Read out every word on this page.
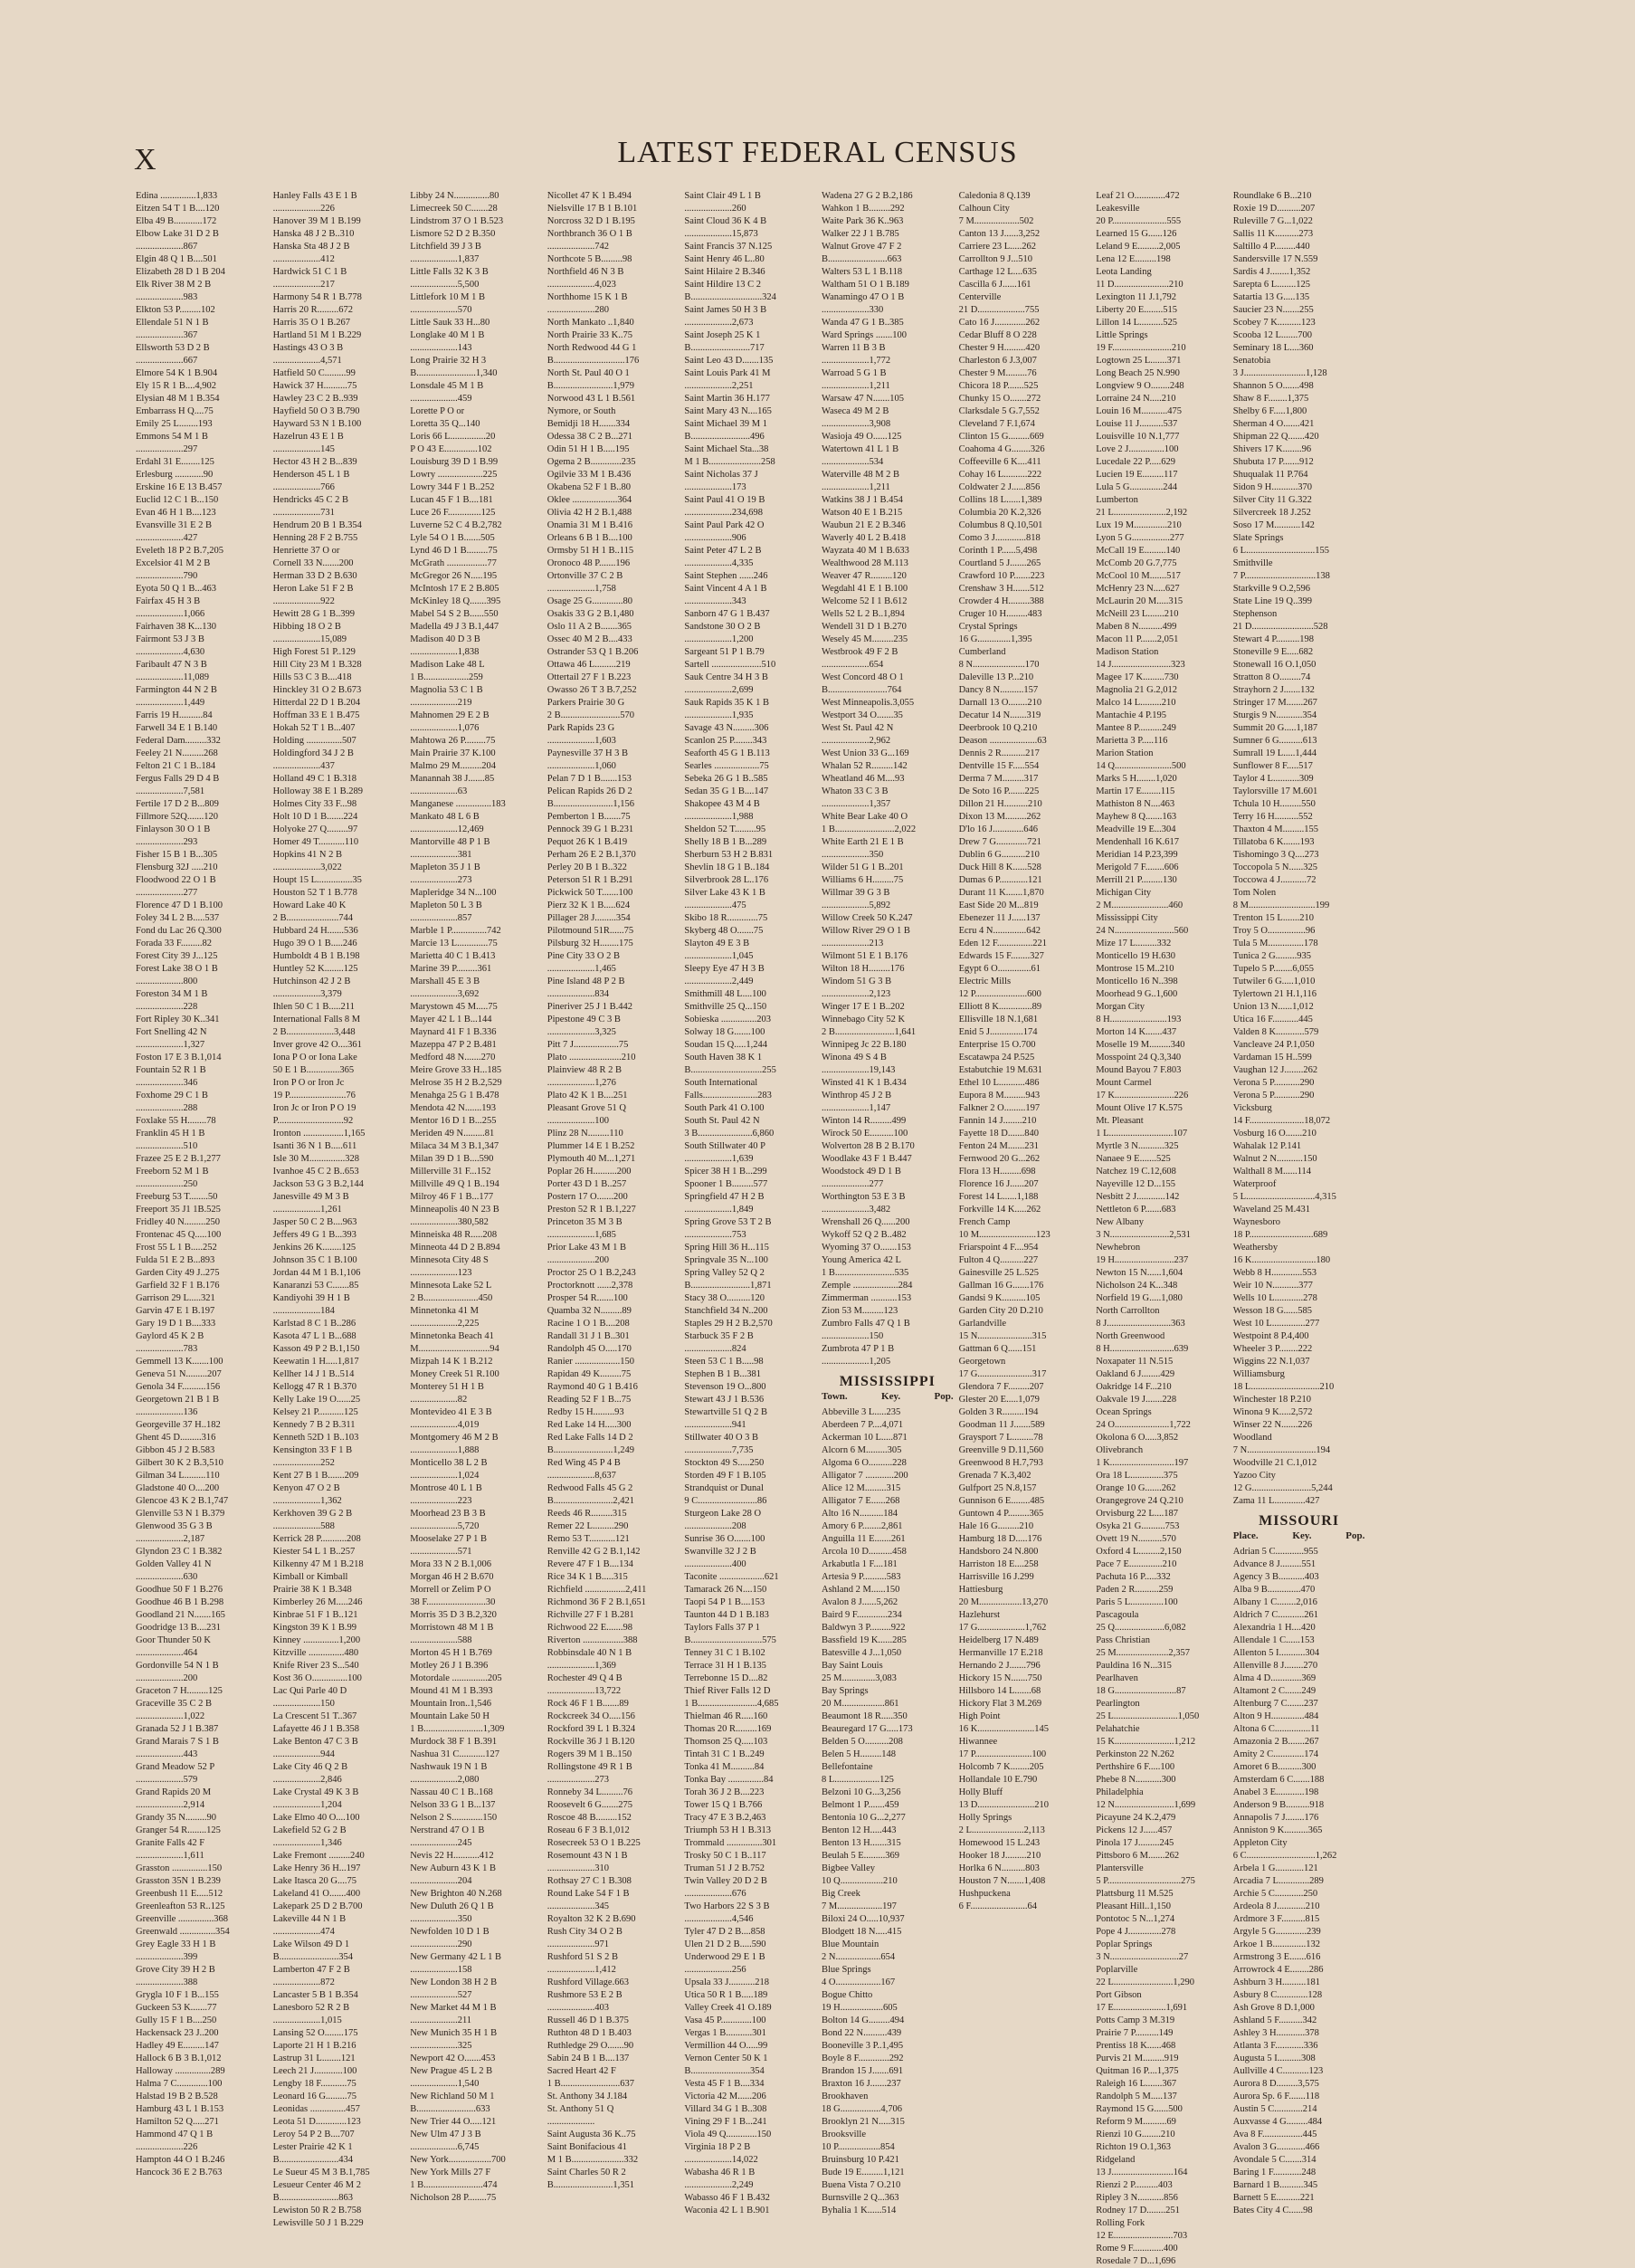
X	LATEST FEDERAL CENSUS
Edina ...............1,833
Eitzen 54 T 1 B....120
Elba 49 B............172
Elbow Lake 31 D 2 B
....................867
Elgin 48 Q 1 B....501
Elizabeth 28 D 1 B 204
Elk River 38 M 2 B
....................983
Elkton 53 P.........102
Ellendale 51 N 1 B
....................367
Ellsworth 53 D 2 B
....................667
Elmore 54 K 1 B.904
Ely 15 R 1 B....4,902
Elysian 48 M 1 B.354
Embarrass H Q....75
Emily 25 L........193
Emmons 54 M 1 B
....................297
Erdahl 31 E........125
Erlesburg ............90
Erskine 16 E 13 B.457
Euclid 12 C 1 B...150
Evan 46 H 1 B....123
Evansville 31 E 2 B
....................427
Eveleth 18 P 2 B.7,205
Excelsior 41 M 2 B
....................790
Eyota 50 Q 1 B...463
Fairfax 45 H 3 B
....................1,066
Fairhaven 38 K...130
Fairmont 53 J 3 B
....................4,630
Faribault 47 N 3 B
....................11,089
Farmington 44 N 2 B
....................1,449
Farris 19 H..........84
Farwell 34 E 1 B.140
Federal Dam.........332
Feeley 21 N.........268
Felton 21 C 1 B..184
Fergus Falls 29 D 4 B
....................7,581
Fertile 17 D 2 B...809
Fillmore 52Q.......120
Finlayson 30 O 1 B
....................293
Fisher 15 B 1 B...305
Flensburg 32J .....210
Floodwood 22 O 1 B
....................277
Florence 47 D 1 B.100
Foley 34 L 2 B.....537
Fond du Lac 26 Q.300
Forada 33 F.........82
Forest City 39 J...125
Forest Lake 38 O 1 B
....................800
Foreston 34 M 1 B
....................228
Fort Ripley 30 K..341
Fort Snelling 42 N
....................1,327
Foston 17 E 3 B.1,014
Fountain 52 R 1 B
....................346
Foxhome 29 C 1 B
....................288
Foxlake 55 H........78
Franklin 45 H 1 B
....................510
Frazee 25 E 2 B.1,277
Freeborn 52 M 1 B
....................250
Freeburg 53 T........50
Freeport 35 J1 1B.525
Fridley 40 N.........250
Frontenac 45 Q.....100
Frost 55 L 1 B.....252
Fulda 51 E 2 B...893
Garden City 49 J..275
Garfield 32 F 1 B.176
Garrison 29 L.....321
Garvin 47 E 1 B.197
Gary 19 D 1 B....333
Gaylord 45 K 2 B
....................783
Gemmell 13 K.......100
Geneva 51 N.........207
Genola 34 F..........156
Georgetown 21 B 1 B
....................136
Georgeville 37 H..182
Ghent 45 D.........316
Gibbon 45 J 2 B.583
Gilbert 30 K 2 B.3,510
Gilman 34 L.........110
Gladstone 40 O....200
Glencoe 43 K 2 B.1,747
Glenville 53 N 1 B.379
Glenwood 35 G 3 B
....................2,187
Glyndon 23 C 1 B.382
Golden Valley 41 N
....................630
Goodhue 50 F 1 B.276
Goodhue 46 B 1 B.298
Goodland 21 N.......165
Goodridge 13 B....231
Goor Thunder 50 K
....................464
Gordonville 54 N 1 B
....................200
Graceton 7 H.........125
Graceville 35 C 2 B
....................1,022
Granada 52 J 1 B.387
Grand Marais 7 S 1 B
....................443
Grand Meadow 52 P
....................579
Grand Rapids 20 M
....................2,914
Grandy 35 N.........90
Granger 54 R........125
Granite Falls 42 F
....................1,611
Grasston ...............150
Grasston 35N 1 B.239
Greenbush 11 E.....512
Greenleafton 53 R..125
Greenville ...............368
Greenwald ...............354
Grey Eagle 33 H 1 B
....................399
Grove City 39 H 2 B
....................388
Grygla 10 F 1 B...155
Guckeen 53 K.......77
Gully 15 F 1 B....250
Hackensack 23 J..200
Hadley 49 E.........147
Hallock 6 B 3 B.1,012
Halloway ...............289
Halma 7 C.............100
Halstad 19 B 2 B.528
Hamburg 43 L 1 B.153
Hamilton 52 Q.....271
Hammond 47 Q 1 B
....................226
Hampton 44 O 1 B.246
Hancock 36 E 2 B.763
Hanley Falls 43 E 1 B
....................226
Hanover 39 M 1 B.199
Hanska 48 J 2 B..310
Hanska Sta 48 J 2 B
....................412
Hardwick 51 C 1 B
....................217
Harmony 54 R 1 B.778
Harris 20 R.........672
Harris 35 O 1 B.267
Hartland 51 M 1 B.229
Hastings 43 O 3 B
....................4,571
Hatfield 50 C.........99
Hawick 37 H..........75
Hawley 23 C 2 B..939
Hayfield 50 O 3 B.790
Hayward 53 N 1 B.100
Hazelrun 43 E 1 B
....................145
Hector 43 H 2 B...839
Henderson 45 L 1 B
....................766
Hendricks 45 C 2 B
....................731
Hendrum 20 B 1 B.354
Henning 28 F 2 B.755
Henriette 37 O or
Cornell 33 N.......200
Herman 33 D 2 B.630
Heron Lake 51 F 2 B
....................922
Hewitt 28 G 1 B..399
Hibbing 18 O 2 B
....................15,089
High Forest 51 P..129
Hill City 23 M 1 B.328
Hills 53 C 3 B....418
Hinckley 31 O 2 B.673
Hitterdal 22 D 1 B.204
Hoffman 33 E 1 B.475
Hokah 52 T 1 B...407
Holding ...............507
Holdingford 34 J 2 B
....................437
Holland 49 C 1 B.318
Holloway 38 E 1 B.289
Holmes City 33 F...98
Holt 10 D 1 B.......224
Holyoke 27 Q.........97
Homer 49 T...........110
Hopkins 41 N 2 B
....................3,022
Houpt 15 L...............35
Houston 52 T 1 B.778
Howard Lake 40 K
2 B......................744
Hubbard 24 H.......536
Hugo 39 O 1 B.....246
Humboldt 4 B 1 B.198
Huntley 52 K........125
Hutchinson 42 J 2 B
....................3,379
Ihlen 50 C 1 B.....211
International Falls 8 M
2 B....................3,448
Inver grove 42 O....361
Iona P O or Iona Lake
50 E 1 B..............365
Iron P O or Iron Jc
19 P........................76
Iron Jc or Iron P O 19
P............................92
Ironton .................1,165
Isanti 36 N 1 B.....611
Isle 30 M...............328
Ivanhoe 45 C 2 B..653
Jackson 53 G 3 B.2,144
Janesville 49 M 3 B
....................1,261
Jasper 50 C 2 B....963
Jeffers 49 G 1 B...393
Jenkins 26 K........125
Johnson 35 C 1 B.100
Jordan 44 M 1 B.1,106
Kanaranzi 53 C.......85
Kandiyohi 39 H 1 B
....................184
Karlstad 8 C 1 B..286
Kasota 47 L 1 B...688
Kasson 49 P 2 B.1,150
Keewatin 1 H.....1,817
Kellher 14 J 1 B..514
Kellogg 47 R 1 B.370
Kelly Lake 19 O......25
Kelsey 21 P...........125
Kennedy 7 B 2 B.311
Kenneth 52D 1 B..103
Kensington 33 F 1 B
....................252
Kent 27 B 1 B.......209
Kenyon 47 O 2 B
....................1,362
Kerkhoven 39 G 2 B
....................588
Kerrick 28 P...........208
Kiester 54 L 1 B..257
Kilkenny 47 M 1 B.218
Kimball or Kimball
Prairie 38 K 1 B.348
Kimberley 26 M.....246
Kinbrae 51 F 1 B..121
Kingston 39 K 1 B.99
Kinney ...............1,200
Kitzville ...............480
Knife River 23 S...540
Kost 36 O...............100
Lac Qui Parle 40 D
....................150
La Crescent 51 T..367
Lafayette 46 J 1 B.358
Lake Benton 47 C 3 B
....................944
Lake City 46 Q 2 B
....................2,846
Lake Crystal 49 K 3 B
....................1,204
Lake Elmo 40 O....100
Lakefield 52 G 2 B
....................1,346
Lake Fremont .........240
Lake Henry 36 H...197
Lake Itasca 20 G....75
Lakeland 41 O.......400
Lakepark 25 D 2 B.700
Lakeville 44 N 1 B
....................474
Lake Wilson 49 D 1
B.........................354
Lamberton 47 F 2 B
....................872
Lancaster 5 B 1 B.354
Lanesboro 52 R 2 B
....................1,015
Lansing 52 O........175
Laporte 21 H 1 B.216
Lastrup 31 L........121
Leech 21 J............100
Lengby 18 F...........75
Leonard 16 G.........75
Leonidas ...............457
Leota 51 D.............123
Leroy 54 P 2 B....707
Lester Prairie 42 K 1
B.........................434
Le Sueur 45 M 3 B.1,785
Lesueur Center 46 M 2
B.........................863
Lewiston 50 R 2 B.758
Lewisville 50 J 1 B.229
Libby 24 N...............80
Limecreek 50 C.......28
Lindstrom 37 O 1 B.523
Lismore 52 D 2 B.350
Litchfield 39 J 3 B
....................1,837
Little Falls 32 K 3 B
....................5,500
Littlefork 10 M 1 B
....................570
Little Sauk 33 H...80
Longlake 40 M 1 B
....................143
Long Prairie 32 H 3
B.........................1,340
Lonsdale 45 M 1 B
....................459
Lorette P O or
Loretta 35 Q...140
Loris 66 L...............20
P O 43 E..............102
Louisburg 39 D 1 B.99
Lowry ...................225
Lowry 344 F 1 B..252
Lucan 45 F 1 B....181
Luce 26 F..............125
Luverne 52 C 4 B.2,782
Lyle 54 O 1 B.......505
Lynd 46 D 1 B.........75
McGrath .................77
McGregor 26 N.....195
McIntosh 17 E 2 B.805
McKinley 18 Q.......395
Mabel 54 S 2 B......550
Madella 49 J 3 B.1,447
Madison 40 D 3 B
....................1,838
Madison Lake 48 L
1 B...................259
Magnolia 53 C 1 B
....................219
Mahnomen 29 E 2 B
....................1,076
Mahtowa 26 P.........75
Main Prairie 37 K.100
Malmo 29 M.........204
Manannah 38 J.......85
....................63
Manganese ...............183
Mankato 48 L 6 B
....................12,469
Mantorville 48 P 1 B
....................381
Mapleton 35 J 1 B
....................273
Mapleridge 34 N...100
Mapleton 50 L 3 B
....................857
Marble 1 P...............742
Marcie 13 L.............75
Marietta 40 C 1 B.413
Marine 39 P.........361
Marshall 45 E 3 B
....................3,692
Marystown 45 M.....75
Mayer 42 L 1 B...144
Maynard 41 F 1 B.336
Mazeppa 47 P 2 B.481
Medford 48 N.......270
Meire Grove 33 H...185
Melrose 35 H 2 B.2,529
Menahga 25 G 1 B.478
Mendota 42 N.......193
Mentor 16 D 1 B...255
Meriden 49 N.........81
Milaca 34 M 3 B.1,347
Milan 39 D 1 B....590
Millerville 31 F...152
Millville 49 Q 1 B..194
Milroy 46 F 1 B...177
Minneapolis 40 N 23 B
....................380,582
Minneiska 48 R.....208
Minneota 44 D 2 B.894
Minnesota City 48 S
....................123
Minnesota Lake 52 L
2 B.......................450
Minnetonka 41 M
....................2,225
Minnetonka Beach 41
M..............................94
Mizpah 14 K 1 B.212
Money Creek 51 R.100
Monterey 51 H 1 B
....................82
Montevideo 41 E 3 B
....................4,019
Montgomery 46 M 2 B
....................1,888
Monticello 38 L 2 B
....................1,024
Montrose 40 L 1 B
....................223
Moorhead 23 B 3 B
....................5,720
Mooselake 27 P 1 B
....................571
Mora 33 N 2 B.1,006
Morgan 46 H 2 B.670
Morrell or Zelim P O
38 F.........................30
Morris 35 D 3 B.2,320
Morristown 48 M 1 B
....................588
Morton 45 H 1 B.769
Motley 26 J 1 B.396
Motordale ...............205
Mound 41 M 1 B.393
Mountain Iron..1,546
Mountain Lake 50 H
1 B.........................1,309
Murdock 38 F 1 B.391
Nashua 31 C...........127
Nashwauk 19 N 1 B
....................2,080
Nassau 40 C 1 B..168
Nelson 33 G 1 B...137
Nelson 2 S.............150
Nerstrand 47 O 1 B
....................245
Nevis 22 H...........412
New Auburn 43 K 1 B
....................204
New Brighton 40 N.268
New Duluth 26 Q 1 B
....................350
Newfolden 10 D 1 B
....................290
New Germany 42 L 1 B
....................158
New London 38 H 2 B
....................527
New Market 44 M 1 B
....................211
New Munich 35 H 1 B
....................325
Newport 42 O.......453
New Prague 45 L 2 B
....................1,540
New Richland 50 M 1
B.........................633
New Trier 44 O.....121
New Ulm 47 J 3 B
....................6,745
New York..................700
New York Mills 27 F
1 B.........................474
Nicholson 28 P........75
Nicollet 47 K 1 B.494
Nielsville 17 B 1 B.101
Norcross 32 D 1 B.195
Northbranch 36 O 1 B
....................742
Northcote 5 B.........98
Northfield 46 N 3 B
....................4,023
Northhome 15 K 1 B
....................280
North Mankato ..1,840
North Prairie 33 K..75
North Redwood 44 G 1
B..............................176
North St. Paul 40 O 1
B.........................1,979
Norwood 43 L 1 B.561
Nymore, or South
Bemidji 18 H.......334
Odessa 38 C 2 B...271
Odin 51 H 1 B.....195
Ogema 2 B.............235
Ogilvie 33 M 1 B.436
Okabena 52 F 1 B..80
Oklee ...................364
Olivia 42 H 2 B.1,488
Onamia 31 M 1 B.416
Orleans 6 B 1 B....100
Ormsby 51 H 1 B..115
Oronoco 48 P.......196
Ortonville 37 C 2 B
....................1,758
Osage 25 G.............80
Osakis 33 G 2 B.1,480
Oslo 11 A 2 B.......365
Ossec 40 M 2 B....433
Ostrander 53 Q 1 B.206
Ottawa 46 L.........219
Ottertail 27 F 1 B.223
Owasso 26 T 3 B.7,252
Parkers Prairie 30 G
2 B.........................570
Park Rapids 23 G
....................1,603
Paynesville 37 H 3 B
....................1,060
Pelan 7 D 1 B.......153
Pelican Rapids 26 D 2
B.........................1,156
Pemberton 1 B.......75
Pennock 39 G 1 B.231
Pequot 26 K 1 B.419
Perham 26 E 2 B.1,370
Perley 20 B 1 B..322
Peterson 51 R 1 B.291
Pickwick 50 T.......100
Pierz 32 K 1 B.....624
Pillager 28 J.........354
Pilotmound 51R......75
Pilsburg 32 H........175
Pine City 33 O 2 B
....................1,465
Pine Island 48 P 2 B
....................834
Pineriver 25 J 1 B.442
Pipestone 49 C 3 B
....................3,325
Pitt 7 J...................75
Plato ......................210
Plainview 48 R 2 B
....................1,276
Plato 42 K 1 B....251
Pleasant Grove 51 Q
....................100
Plinz 28 N.........110
Plummer 14 E 1 B.252
Plymouth 40 M...1,271
Poplar 26 H..........200
Porter 43 D 1 B..257
Postern 17 O.......200
Preston 52 R 1 B.1,227
Princeton 35 M 3 B
....................1,685
Prior Lake 43 M 1 B
....................200
Proctor 25 O 1 B.2,243
Proctorknott ......2,378
Prosper 54 R.......100
Quamba 32 N.........89
Racine 1 O 1 B....208
Randall 31 J 1 B..301
Randolph 45 O.....170
Ranier ...................150
Rapidan 49 K.........75
Raymond 40 G 1 B.416
Reading 52 F 1 B...75
Redby 15 H.........93
Red Lake 14 H.....300
Red Lake Falls 14 D 2
B.........................1,249
Red Wing 45 P 4 B
....................8,637
Redwood Falls 45 G 2
B.........................2,421
Reeds 46 R.........315
Remer 22 L.........290
Remo 53 T...........121
Renville 42 G 2 B.1,142
Revere 47 F 1 B....134
Rice 34 K 1 B.....315
Richfield .................2,411
Richmond 36 F 2 B.1,651
Richville 27 F 1 B.281
Richwood 22 E.......98
Riverton .................388
Robbinsdale 40 N 1 B
....................1,369
Rochester 49 Q 4 B
....................13,722
Rock 46 F 1 B.......89
Rockcreek 34 O.....156
Rockford 39 L 1 B.324
Rockville 36 J 1 B.120
Rogers 39 M 1 B..150
Rollingstone 49 R 1 B
....................273
Ronneby 34 L.........76
Roosevelt 6 G.......275
Roscoe 48 B.........152
Roseau 6 F 3 B.1,012
Rosecreek 53 O 1 B.225
Rosemount 43 N 1 B
....................310
Rothsay 27 C 1 B.308
Round Lake 54 F 1 B
....................345
Royalton 32 K 2 B.690
Rush City 34 O 2 B
....................971
Rushford 51 S 2 B
....................1,412
Rushford Village.663
Rushmore 53 E 2 B
....................403
Russell 46 D 1 B.375
Ruthton 48 D 1 B.403
Ruthledge 29 O.......90
Sabin 24 B 1 B....137
Sacred Heart 42 F
1 B.........................637
St. Anthony 34 J.184
St. Anthony 51 Q
....................
Saint Augusta 36 K..75
Saint Bonifacious 41
M 1 B......................332
Saint Charles 50 R 2
B.........................1,351
Saint Clair 49 L 1 B
....................260
Saint Cloud 36 K 4 B
....................15,873
Saint Francis 37 N.125
Saint Henry 46 L..80
Saint Hilaire 2 B.346
Saint Hildire 13 C 2
B..............................324
Saint James 50 H 3 B
....................2,673
Saint Joseph 25 K 1
B.........................717
Saint Leo 43 D.......135
Saint Louis Park 41 M
....................2,251
Saint Martin 36 H.177
Saint Mary 43 N....165
Saint Michael 39 M 1
B.........................496
Saint Michael Sta...38
M 1 B......................258
Saint Nicholas 37 J
....................173
Saint Paul 41 O 19 B
....................234,698
Saint Paul Park 42 O
....................906
Saint Peter 47 L 2 B
....................4,335
Saint Stephen ......246
Saint Vincent 4 A 1 B
....................343
Sanborn 47 G 1 B.437
Sandstone 30 O 2 B
....................1,200
Sargeant 51 P 1 B.79
Sartell .....................510
Sauk Centre 34 H 3 B
....................2,699
Sauk Rapids 35 K 1 B
....................1,935
Savage 43 N.........306
Scanlon 25 P........343
Seaforth 45 G 1 B.113
Searles ...................75
Sebeka 26 G 1 B..585
Sedan 35 G 1 B....147
Shakopee 43 M 4 B
....................1,988
Sheldon 52 T.........95
Shelly 18 B 1 B...289
Sherburn 53 H 2 B.831
Shevlin 18 G 1 B..184
Silverbrook 28 L..176
Silver Lake 43 K 1 B
....................475
Skibo 18 R.............75
Skyberg 48 O.......75
Slayton 49 E 3 B
....................1,045
Sleepy Eye 47 H 3 B
....................2,449
Smithmill 48 L....100
Smithville 25 Q...150
Sobieska ...............203
Solway 18 G.......100
Soudan 15 Q.....1,244
South Haven 38 K 1
B..............................255
South International
Falls.......................283
South Park 41 O.100
South St. Paul 42 N
3 B.......................6,860
South Stillwater 40 P
....................1,639
Spicer 38 H 1 B...299
Spooner 1 B.........577
Springfield 47 H 2 B
....................1,849
Spring Grove 53 T 2 B
....................753
Spring Hill 36 H...115
Springvale 35 N...100
Spring Valley 52 Q 2
B.........................1,871
Stacy 38 O..........120
Stanchfield 34 N..200
Staples 29 H 2 B.2,570
Starbuck 35 F 2 B
....................824
Steen 53 C 1 B.....98
Stephen B 1 B...381
Stevenson 19 O...800
Stewart 43 J 1 B.536
Stewartville 51 Q 2 B
....................941
Stillwater 40 O 3 B
....................7,735
Stockton 49 S.....250
Storden 49 F 1 B.105
Strandquist or Dunal
9 C.........................86
Sturgeon Lake 28 O
....................208
Sunrise 36 O.......100
Swanville 32 J 2 B
....................400
Taconite ...................621
Tamarack 26 N....150
Taopi 54 P 1 B....153
Taunton 44 D 1 B.183
Taylors Falls 37 P 1
B..............................575
Tenney 31 C 1 B.102
Terrace 31 H 1 B.135
Terrebonne 15 D....82
Thief River Falls 12 D
1 B.........................4,685
Thielman 46 R.....160
Thomas 20 R.........169
Thomson 25 Q.....103
Tintah 31 C 1 B..249
Tonka 41 M..........84
Tonka Bay ...............84
Torah 36 J 2 B....223
Tower 15 Q 1 B.766
Tracy 47 E 3 B.2,463
Triumph 53 H 1 B.313
Trommald ...............301
Trosky 50 C 1 B..117
Truman 51 J 2 B.752
Twin Valley 20 D 2 B
....................676
Two Harbors 22 S 3 B
....................4,546
Tyler 47 D 2 B....858
Ulen 21 D 2 B.....590
Underwood 29 E 1 B
....................256
Upsala 33 J...........218
Utica 50 R 1 B.....189
Valley Creek 41 O.189
Vasa 45 P.............100
Vergas 1 B...........301
Vermillion 44 O.....99
Vernon Center 50 K 1
B.........................354
Vesta 45 F 1 B....334
Victoria 42 M......206
Villard 34 G 1 B..308
Vining 29 F 1 B...241
Viola 49 Q.............150
Virginia 18 P 2 B
....................14,022
Wabasha 46 R 1 B
....................2,249
Wabasso 46 F 1 B.432
Waconia 42 L 1 B.901
Wadena 27 G 2 B.2,186
Wahkon 1 B.........292
Waite Park 36 K..963
Walker 22 J 1 B.785
Walnut Grove 47 F 2
B.........................663
Walters 53 L 1 B.118
Waltham 51 O 1 B.189
Wanamingo 47 O 1 B
....................330
Wanda 47 G 1 B..385
Ward Springs .......100
Warren 11 B 3 B
....................1,772
Warroad 5 G 1 B
....................1,211
Warsaw 47 N.......105
Waseca 49 M 2 B
....................3,908
Wasioja 49 O......125
Watertown 41 L 1 B
....................534
Waterville 48 M 2 B
....................1,211
Watkins 38 J 1 B.454
Watson 40 E 1 B.215
Waubun 21 E 2 B.346
Waverly 40 L 2 B.418
Wayzata 40 M 1 B.633
Wealthwood 28 M.113
Weaver 47 R.........120
Wegdahl 41 E 1 B.100
Welcome 52 I 1 B.612
Wells 52 L 2 B..1,894
Wendell 31 D 1 B.270
Wesely 45 M.........235
Westbrook 49 F 2 B
....................654
West Concord 48 O 1
B.........................764
West Minneapolis.3,055
Westport 34 O.......35
West St. Paul 42 N
....................2,962
West Union 33 G...169
Whalan 52 R.........142
Wheatland 46 M....93
Whaton 33 C 3 B
....................1,357
White Bear Lake 40 O
1 B.........................2,022
White Earth 21 E 1 B
....................350
Wilder 51 G 1 B..201
Williams 6 H.........75
Willmar 39 G 3 B
....................5,892
Willow Creek 50 K.247
Willow River 29 O 1 B
....................213
Wilmont 51 E 1 B.176
Wilton 18 H.........176
Windom 51 G 3 B
....................2,123
Winger 17 E 1 B..202
Winnebago City 52 K
2 B.........................1,641
Winnipeg Jc 22 B.180
Winona 49 S 4 B
....................19,143
Winsted 41 K 1 B.434
Winthrop 45 J 2 B
....................1,147
Winton 14 R.........499
Wirock 50 E..........100
Wolverton 28 B 2 B.170
Woodlake 43 F 1 B.447
Woodstock 49 D 1 B
....................277
Worthington 53 E 3 B
....................3,482
Wrenshall 26 Q......200
Wykoff 52 Q 2 B..482
Wyoming 37 O.......153
Young America 42 L
1 B.........................535
Zemple ...................284
Zimmerman ...........153
Zion 53 M.........123
Zumbro Falls 47 Q 1 B
....................150
Zumbrota 47 P 1 B
....................1,205
MISSISSIPPI
Town.	Key.	Pop.
Abbeville 3 L.....235
Aberdeen 7 P....4,071
Ackerman 10 L.....871
Alcorn 6 M.........305
Algoma 6 O..........228
Alligator 7 ............200
Alice 12 M.........315
Alligator 7 E......268
Alto 16 N..........184
Amory 6 P........2,861
Anguilla 11 E.......261
Arcola 10 D..........458
Arkabutla 1 F....181
Artesia 9 P..........583
Ashland 2 M......150
Avalon 8 J......5,262
Baird 9 F.............234
Baldwyn 3 P.........922
Bassfield 19 K......285
Batesville 4 J...1,050
Bay Saint Louis
25 M..............3,083
Bay Springs
20 M..................861
Beaumont 18 R.....350
Beauregard 17 G.....173
Belden 5 O..........208
Belen 5 H.........148
Bellefontaine
8 L...................125
Belzoni 10 G...3,256
Belmont 1 P.......459
Bentonia 10 G...2,277
Benton 12 H.....443
Benton 13 H.......315
Beulah 5 E.........369
Bigbee Valley
10 Q..................210
Big Creek
7 M...................197
Biloxi 24 O.....10,937
Blodgett 18 N.....415
Blue Mountain
2 N...................654
Blue Springs
4 O...................167
Bogue Chitto
19 H..................605
Bolton 14 G.........494
Bond 22 N..........439
Booneville 3 P..1,495
Boyle 8 F.............292
Brandon 15 J.......691
Braxton 16 J.......237
Brookhaven
18 G.................4,706
Brooklyn 21 N.....315
Brooksville
10 P..................854
Bruinsburg 10 P.421
Bude 19 E.........1,121
Buena Vista 7 O.210
Burnsville 2 Q...363
Byhalia 1 K......514
Caledonia 8 Q.139
Calhoun City
7 M...................502
Canton 13 J......3,252
Carriere 23 L.....262
Carrollton 9 J...510
Carthage 12 L....635
Cascilla 6 J......161
Centerville
21 D....................755
Cato 16 J.............262
Cedar Bluff 8 O 228
Chester 9 H.........420
Charleston 6 J.3,007
Chester 9 M.........76
Chicora 18 P.......525
Chunky 15 O.......272
Clarksdale 5 G.7,552
Cleveland 7 F.1,674
Clinton 15 G.........669
Coahoma 4 G........326
Coffeeville 6 K....411
Cohay 16 L..........222
Coldwater 2 J......856
Collins 18 L......1,389
Columbia 20 K.2,326
Columbus 8 Q.10,501
Como 3 J.............818
Corinth 1 P......5,498
Courtland 5 J.......265
Crawford 10 P.......223
Crenshaw 3 H.......512
Crowder 4 H.........388
Cruger 10 H.........483
Crystal Springs
16 G..............1,395
Cumberland
8 N......................170
Daleville 13 P...210
Dancy 8 N..........157
Darnall 13 O........210
Decatur 14 N.......319
Deerbrook 10 Q.210
Deason ....................63
Dennis 2 R..........217
Dentville 15 F.....554
Derma 7 M.........317
De Soto 16 P.......225
Dillon 21 H..........210
Dixon 13 M.........262
D'lo 16 J.............646
Drew 7 G.............721
Dublin 6 G..........210
Duck Hill 8 K......528
Dumas 6 P............121
Durant 11 K.......1,870
East Side 20 M...819
Ebenezer 11 J......137
Ecru 4 N..............642
Eden 12 F...............221
Edwards 15 F........327
Egypt 6 O..............61
Electric Mills
12 P......................600
Elliott 8 K..............89
Ellisville 18 N.1,681
Enid 5 J..............174
Enterprise 15 O.700
Escatawpa 24 P.525
Estabutchie 19 M.631
Ethel 10 L...........486
Eupora 8 M.........943
Falkner 2 O.........197
Fannin 14 J........210
Fayette 18 D.......840
Fenton 24 M.......231
Fernwood 20 G...262
Flora 13 H.........698
Florence 16 J......207
Forest 14 L......1,188
Forkville 14 K.....262
French Camp
10 M........................123
Friarspoint 4 F....954
Fulton 4 Q..........227
Gainesville 25 L.525
Gallman 16 G.......176
Gandsi 9 K..........105
Garden City 20 D.210
Garlandville
15 N.......................315
Gattman 6 Q......151
Georgetown
17 G.......................317
Glendora 7 F.........207
Glester 20 E.....1,079
Golden 3 R.........194
Goodman 11 J.......589
Graysport 7 L.........78
Greenville 9 D.11,560
Greenwood 8 H.7,793
Grenada 7 K.3,402
Gulfport 25 N.8,157
Gunnison 6 E........485
Guntown 4 P.........365
Hale 16 G.........210
Hamburg 18 D.....176
Handsboro 24 N.800
Harriston 18 E....258
Harrisville 16 J.299
Hattiesburg
20 M..................13,270
Hazlehurst
17 G....................1,762
Heidelberg 17 N.489
Hermanville 17 E.218
Hernando 2 J.......796
Hickory 15 N.......750
Hillsboro 14 L.......68
Hickory Flat 3 M.269
High Point
16 K........................145
Hiwannee
17 P........................100
Holcomb 7 K........205
Hollandale 10 E.790
Holly Bluff
13 D........................210
Holly Springs
2 L......................2,113
Homewood 15 L.243
Hooker 18 J.........210
Horlka 6 N..........803
Houston 7 N.......1,408
Hushpuckena
6 F........................64
Leaf 21 O.............472
Leakesville
20 P.......................555
Learned 15 G......126
Leland 9 E.........2,005
Lena 12 E.........198
Leota Landing
11 D.......................210
Lexington 11 J.1,792
Liberty 20 E........515
Lillon 14 L..........525
Little Springs
19 F.........................210
Logtown 25 L.......371
Long Beach 25 N.990
Longview 9 O........248
Lorraine 24 N.....210
Louin 16 M...........475
Louise 11 J..........537
Louisville 10 N.1,777
Love 2 J...............100
Lucedale 22 P.....629
Lucien 19 E.........117
Lula 5 G..............244
Lumberton
21 L......................2,192
Lux 19 M..............210
Lyon 5 G................277
McCall 19 E.........140
McComb 20 G.7,775
McCool 10 M.......517
McHenry 23 N.....627
McLaurin 20 M.....315
McNeill 23 L.......210
Maben 8 N..........499
Macon 11 P.......2,051
Madison Station
14 J.........................323
Magee 17 K.........730
Magnolia 21 G.2,012
Malco 14 L.........210
Mantachie 4 P.195
Mantee 8 P..........249
Marietta 3 P.....116
Marion Station
14 Q........................500
Marks 5 H........1,020
Martin 17 E........115
Mathiston 8 N....463
Mayhew 8 Q.......163
Meadville 19 E...304
Mendenhall 16 K.617
Meridian 14 P.23,399
Merigold 7 F........606
Merrill 21 P.........130
Michigan City
2 M........................460
Mississippi City
24 N.........................560
Mize 17 L.........332
Monticello 19 H.630
Montrose 15 M..210
Monticello 16 N..398
Moorhead 9 G..1,600
Morgan City
8 H........................193
Morton 14 K.......437
Moselle 19 M.........340
Mosspoint 24 Q.3,340
Mound Bayou 7 F.803
Mount Carmel
17 K.........................226
Mount Olive 17 K.575
Mt. Pleasant
1 L...........................107
Myrtle 3 N...........325
Nanaee 9 E.......525
Natchez 19 C.12,608
Nayeville 12 D...155
Nesbitt 2 J............142
Nettleton 6 P.......683
New Albany
3 N.........................2,531
Newhebron
19 H.........................237
Newton 15 N......1,604
Nicholson 24 K...348
Norfield 19 G.....1,080
North Carrollton
8 J...........................363
North Greenwood
8 H...........................639
Noxapater 11 N.515
Oakland 6 J........429
Oakridge 14 F...210
Oakvale 19 J.......228
Ocean Springs
24 O.......................1,722
Okolona 6 O.....3,852
Olivebranch
1 K...........................197
Ora 18 L..............375
Orange 10 G.......262
Orangegrove 24 Q.210
Orvisburg 22 L....187
Osyka 21 G..........753
Ovett 19 N..........570
Oxford 4 L.........2,150
Pace 7 E..............210
Pachuta 16 P.....332
Paden 2 R..........259
Paris 5 L..............100
Pascagoula
25 Q.....................6,082
Pass Christian
25 M......................2,357
Pauldina 16 N...315
Pearlhaven
18 G..........................87
Pearlington
25 L...........................1,050
Pelahatchie
15 K.........................1,212
Perkinston 22 N.262
Perthshire 6 F.....100
Phebe 8 N...........300
Philadelphia
12 N.........................1,699
Picayune 24 K.2,479
Pickens 12 J......457
Pinola 17 J.........245
Pittsboro 6 M.......262
Plantersville
5 P...............................275
Plattsburg 11 M.525
Pleasant Hill..1,150
Pontotoc 5 N...1,274
Pope 4 J..............278
Poplar Springs
3 N.............................27
Poplarville
22 L.........................1,290
Port Gibson
17 E......................1,691
Potts Camp 3 M.319
Prairie 7 P..........149
Prentiss 18 K......468
Purvis 21 M.........919
Quitman 16 P....1,375
Raleigh 16 L.......367
Randolph 5 M.....137
Raymond 15 G......500
Reform 9 M..........69
Rienzi 10 G........210
Richton 19 O.1,363
Ridgeland
13 J..........................164
Rienzi 2 P..........403
Ripley 3 N...........856
Rodney 17 D........251
Rolling Fork
12 E.........................703
Rome 9 F.............400
Rosedale 7 D...1,696
Roundlake 6 B...210
Roxie 19 D..........207
Ruleville 7 G...1,022
Sallis 11 K..........273
Saltillo 4 P.........440
Sandersville 17 N.559
Sardis 4 J........1,352
Sarepta 6 L........125
Satartia 13 G.....135
Saucier 23 N.......255
Scobey 7 K..........123
Scooba 12 L.......700
Seminary 18 L....360
Senatobia
3 J..........................1,128
Shannon 5 O.......498
Shaw 8 F........1,375
Shelby 6 F.....1,800
Sherman 4 O.......421
Shipman 22 Q.......420
Shivers 17 K........96
Shubuta 17 P.......912
Shuqualak 11 P.764
Sidon 9 H...........370
Silver City 11 G.322
Silvercreek 18 J.252
Soso 17 M...........142
Slate Springs
6 L.............................155
Smithville
7 P..............................138
Starkville 9 O.2,596
State Line 19 Q..399
Stephenson
21 D..........................528
Stewart 4 P..........198
Stoneville 9 E.....682
Stonewall 16 O.1,050
Stratton 8 O.........74
Strayhorn 2 J.......132
Stringer 17 M.......267
Sturgis 9 N...........354
Summit 20 G.....1,187
Sumner 6 G..........613
Sumrall 19 L.....1,444
Sunflower 8 F.....517
Taylor 4 L...........309
Taylorsville 17 M.601
Tchula 10 H.........550
Terry 16 H..........552
Thaxton 4 M.........155
Tillatoba 6 K.......193
Tishomingo 3 Q....273
Toccopola 5 N......325
Toccowa 4 J...........72
Tom Nolen
8 M............................199
Trenton 15 L.......210
Troy 5 O................96
Tula 5 M...............178
Tunica 2 G.........935
Tupelo 5 P........6,055
Tutwiler 6 G.....1,010
Tylertown 21 H.1,116
Union 13 N......1,012
Utica 16 F...........445
Valden 8 K............579
Vancleave 24 P.1,050
Vardaman 15 H..599
Vaughan 12 J........262
Verona 5 P...........290
Verona 5 P...........290
Vicksburg
14 F.......................18,072
Vosburg 16 O.......210
Wahalak 12 P.141
Walnut 2 N...........150
Walthall 8 M......114
Waterproof
5 L.............................4,315
Waveland 25 M.431
Waynesboro
18 P...........................689
Weathersby
16 K...........................180
Webb 8 H.............553
Weir 10 N...........377
Wells 10 L............278
Wesson 18 G......585
West 10 L..............277
Westpoint 8 P.4,400
Wheeler 3 P........222
Wiggins 22 N.1,037
Williamsburg
18 L.............................210
Winchester 18 P.210
Winona 9 K.....2,572
Winser 22 N.......226
Woodland
7 N.............................194
Woodville 21 C.1,012
Yazoo City
12 G.........................5,244
Zama 11 L.............427
MISSOURI
Place.	Key.	Pop.
Adrian 5 C............955
Advance 8 J.........551
Agency 3 B...........403
Alba 9 B..............470
Albany 1 C........2,016
Aldrich 7 C...........261
Alexandria 1 H....420
Allendale 1 C......153
Allenton 5 I...........304
Allenville 8 J........270
Alma 4 D.............369
Altamont 2 C.......249
Altenburg 7 C.......237
Alton 9 H..............484
Altona 6 C...............11
Amazonia 2 B.......267
Amity 2 C.............174
Amoret 6 B..........300
Amsterdam 6 C.......188
Anabel 3 E............198
Anderson 9 B..........918
Annapolis 7 J........176
Anniston 9 K..........365
Appleton City
6 C.............................1,262
Arbela 1 G............121
Arcadia 7 L.............289
Archie 5 C............250
Ardeola 8 J............210
Ardmore 3 F..........815
Argyle 5 G.............239
Arkoe 1 B..............132
Armstrong 3 E.......616
Arrowrock 4 E........286
Ashburn 3 H..........181
Asbury 8 C.............128
Ash Grove 8 D.1,000
Ashland 5 F..........342
Ashley 3 H............378
Atlanta 3 F............336
Augusta 5 I..........308
Aullville 4 C...........123
Aurora 8 D.........3,575
Aurora Sp. 6 F.......118
Austin 5 C............214
Auxvasse 4 G.........484
Ava 8 F.................445
Avalon 3 G............466
Avondale 5 C.......314
Baring 1 F............248
Barnard 1 B..........345
Barnett 5 E..........221
Bates City 4 C......98
